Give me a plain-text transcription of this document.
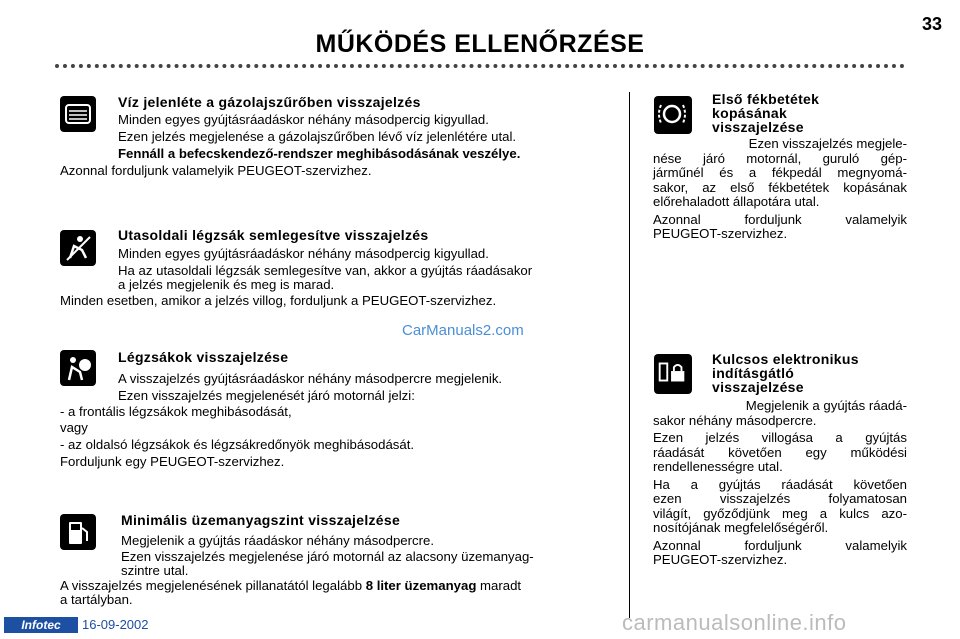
MŰKÖDÉS ELLENŐRZÉSE
33
Víz jelenléte a gázolajszűrőben visszajelzés
Minden egyes gyújtásráadáskor néhány másodpercig kigyullad.
Ezen jelzés megjelenése a gázolajszűrőben lévő víz jelenlétére utal.
Fennáll a befecskendező-rendszer meghibásodásának veszélye.
Azonnal forduljunk valamelyik PEUGEOT-szervizhez.
Utasoldali légzsák semlegesítve visszajelzés
Minden egyes gyújtásráadáskor néhány másodpercig kigyullad.
Ha az utasoldali légzsák semlegesítve van, akkor a gyújtás ráadásakor
a jelzés megjelenik és meg is marad.
Minden esetben, amikor a jelzés villog, forduljunk a PEUGEOT-szervizhez.
CarManuals2.com
Légzsákok visszajelzése
A visszajelzés gyújtásráadáskor néhány másodpercre megjelenik.
Ezen visszajelzés megjelenését járó motornál jelzi:
- a frontális légzsákok meghibásodását,
vagy
- az oldalsó légzsákok és légzsákredőnyök meghibásodását.
Forduljunk egy PEUGEOT-szervizhez.
Minimális üzemanyagszint visszajelzése
Megjelenik a gyújtás ráadáskor néhány másodpercre.
Ezen visszajelzés megjelenése járó motornál az alacsony üzemanyag-
szintre utal.
A visszajelzés megjelenésének pillanatától legalább 8 liter üzemanyag maradt
a tartályban.
Első fékbetétek
kopásának
visszajelzése
Ezen visszajelzés megjele-
nése járó motornál, guruló gép-
járműnél és a fékpedál megnyomá-
sakor, az első fékbetétek kopásának
előrehaladott állapotára utal.
Azonnal forduljunk valamelyik
PEUGEOT-szervizhez.
Kulcsos elektronikus
indításgátló
visszajelzése
Megjelenik a gyújtás ráadá-
sakor néhány másodpercre.
Ezen jelzés villogása a gyújtás
ráadását követően egy működési
rendellenességre utal.
Ha a gyújtás ráadását követően
ezen visszajelzés folyamatosan
világít, győződjünk meg a kulcs azo-
nosítójának megfelelőségéről.
Azonnal forduljunk valamelyik
PEUGEOT-szervizhez.
Infotec	16-09-2002	carmanualsonline.info
